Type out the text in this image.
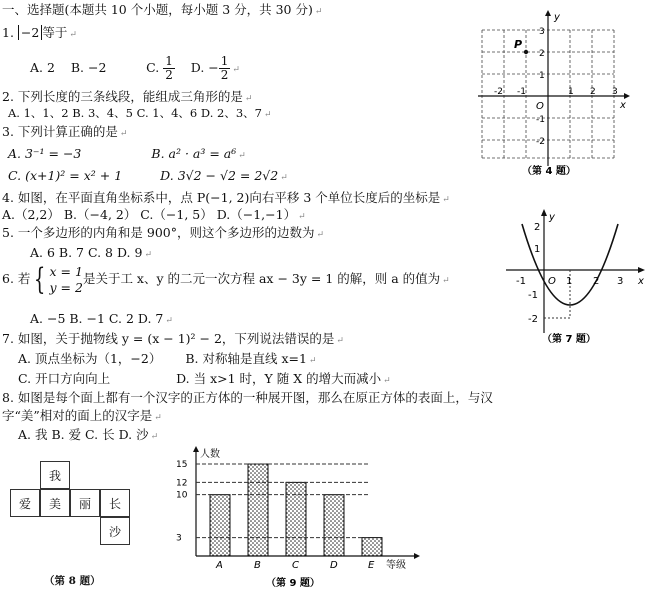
一、选择题(本题共 10 个小题，每小题 3 分，共 30 分) ↵
1. −2 等于 ↵
A. 2 B. −2	C. $\frac{1}{2} D$. − $\frac{1}{2}$ ↵
2. 下列长度的三条线段，能组成三角形的是 ↵
A. 1、1、2 B. 3、4、5 C. 1、4、6 D. 2、3、7 ↵
3. 下列计算正确的是 ↵
A. 3⁻¹ = −3	B. a² · a³ = a⁶ ↵
C. (x+1)² = x² + 1	D. 3√2 − √2 = 2√2 ↵
4. 如图，在平面直角坐标系中，点 P(−1, 2)向右平移 3 个单位长度后的坐标是 ↵
A.（2,2） B.（−4, 2） C.（−1, 5） D.（−1,−1） ↵
5. 一个多边形的内角和是 900°，则这个多边形的边数为 ↵
A. 6 B. 7 C. 8 D. 9 ↵
6. 若 { x = 1
y = 2
是关于工 x、y 的二元一次方程 ax − 3y = 1 的解，则 a 的值为 ↵
A. −5 B. −1 C. 2 D. 7 ↵
7. 如图，关于抛物线 y = (x − 1)² − 2，下列说法错误的是 ↵
A. 顶点坐标为（1，−2） B. 对称轴是直线 x=1 ↵
C. 开口方向向上	D. 当 x>1 时，Y 随 X 的增大而减小 ↵
8. 如图是每个面上都有一个汉字的正方体的一种展开图，那么在原正方体的表面上，与汉
字“美”相对的面上的汉字是 ↵
A. 我 B. 爱 C. 长 D. 沙 ↵
P
O	x
y
-2 -1	1 2 3
3
2
1
-1
-2
（第 4 题）
-1 O 1 2 3 x
y
2
1
-1
-2
（第 7 题）
我
爱	美	丽	长
沙
（第 8 题）
人数
等级
15
12
10
3
A	B	C	D	E
（第 9 题）
